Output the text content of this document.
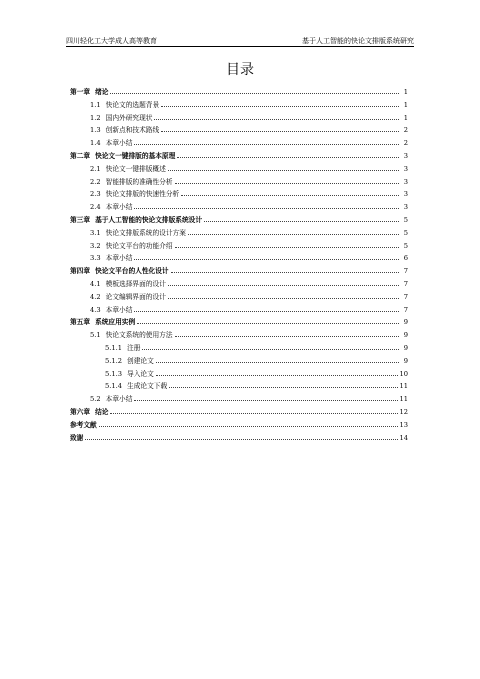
四川轻化工大学成人高等教育	基于人工智能的快论文排版系统研究
目录
第一章 绪论	1
1.1 快论文的选题背景	1
1.2 国内外研究现状	1
1.3 创新点和技术路线	2
1.4 本章小结	2
第二章 快论文一键排版的基本原理	3
2.1 快论文一键排版概述	3
2.2 智能排版的准确性分析	3
2.3 快论文排版的快速性分析	3
2.4 本章小结	3
第三章 基于人工智能的快论文排版系统设计	5
3.1 快论文排版系统的设计方案	5
3.2 快论文平台的功能介绍	5
3.3 本章小结	6
第四章 快论文平台的人性化设计	7
4.1 模板选择界面的设计	7
4.2 论文编辑界面的设计	7
4.3 本章小结	7
第五章 系统应用实例	9
5.1 快论文系统的使用方法	9
5.1.1 注册	9
5.1.2 创建论文	9
5.1.3 导入论文	10
5.1.4 生成论文下载	11
5.2 本章小结	11
第六章 结论	12
参考文献	13
致谢	14
